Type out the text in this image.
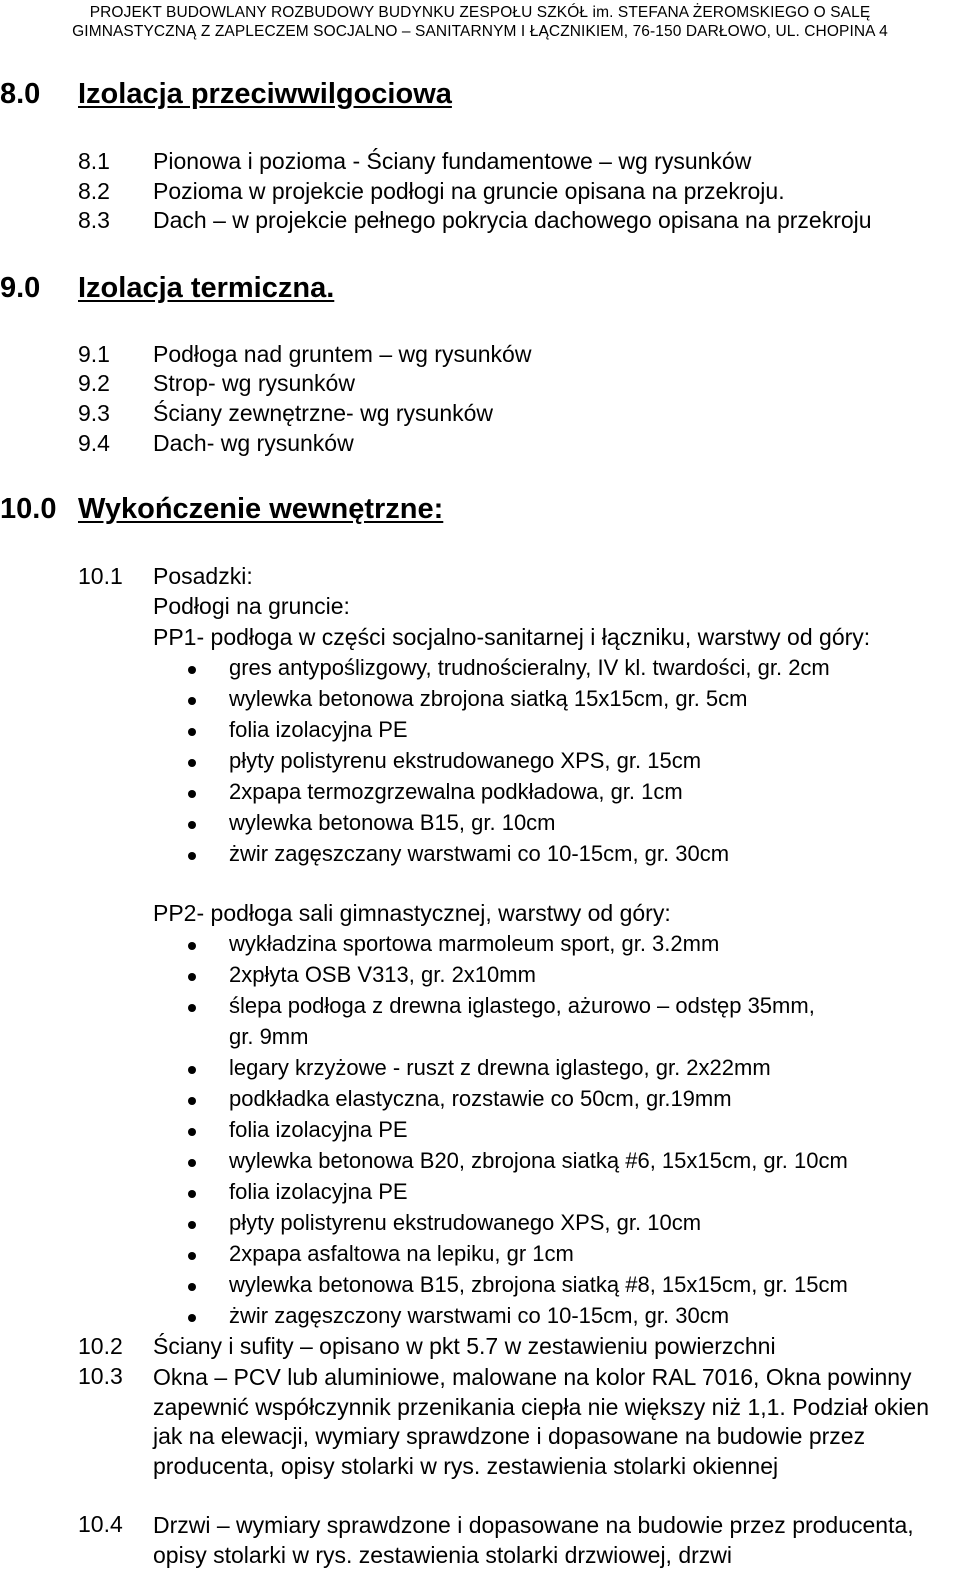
PROJEKT BUDOWLANY ROZBUDOWY BUDYNKU ZESPOŁU SZKÓŁ im. STEFANA ŻEROMSKIEGO O SALĘ
GIMNASTYCZNĄ Z ZAPLECZEM SOCJALNO – SANITARNYM I ŁĄCZNIKIEM, 76-150 DARŁOWO, UL. CHOPINA 4
8.0 Izolacja przeciwwilgociowa
8.1 Pionowa i pozioma - Ściany fundamentowe – wg rysunków
8.2 Pozioma w projekcie podłogi na gruncie opisana na przekroju.
8.3 Dach – w projekcie pełnego pokrycia dachowego opisana na przekroju
9.0 Izolacja termiczna.
9.1 Podłoga nad gruntem – wg rysunków
9.2 Strop- wg rysunków
9.3 Ściany zewnętrzne- wg rysunków
9.4 Dach- wg rysunków
10.0 Wykończenie wewnętrzne:
10.1 Posadzki:
Podłogi na gruncie:
PP1- podłoga w części socjalno-sanitarnej i łączniku, warstwy od góry:
gres antypoślizgowy, trudnościeralny, IV kl. twardości, gr. 2cm
wylewka betonowa zbrojona siatką 15x15cm, gr. 5cm
folia izolacyjna PE
płyty polistyrenu ekstrudowanego XPS, gr. 15cm
2xpapa termozgrzewalna podkładowa, gr. 1cm
wylewka betonowa B15, gr. 10cm
żwir zagęszczany warstwami co 10-15cm, gr. 30cm
PP2- podłoga sali gimnastycznej, warstwy od góry:
wykładzina sportowa marmoleum sport, gr. 3.2mm
2xpłyta OSB V313, gr. 2x10mm
ślepa podłoga z drewna iglastego, ażurowo – odstęp 35mm,
gr. 9mm
legary krzyżowe - ruszt z drewna iglastego, gr. 2x22mm
podkładka elastyczna, rozstawie co 50cm, gr.19mm
folia izolacyjna PE
wylewka betonowa B20, zbrojona siatką #6, 15x15cm, gr. 10cm
folia izolacyjna PE
płyty polistyrenu ekstrudowanego XPS, gr. 10cm
2xpapa asfaltowa na lepiku, gr 1cm
wylewka betonowa B15, zbrojona siatką #8, 15x15cm, gr. 15cm
żwir zagęszczony warstwami co 10-15cm, gr. 30cm
10.2 Ściany i sufity – opisano w pkt 5.7 w zestawieniu powierzchni
10.3 Okna – PCV lub aluminiowe, malowane na kolor RAL 7016, Okna powinny zapewnić współczynnik przenikania ciepła nie większy niż 1,1. Podział okien jak na elewacji, wymiary sprawdzone i dopasowane na budowie przez producenta, opisy stolarki w rys. zestawienia stolarki okiennej
10.4 Drzwi – wymiary sprawdzone i dopasowane na budowie przez producenta, opisy stolarki w rys. zestawienia stolarki drzwiowej, drzwi
